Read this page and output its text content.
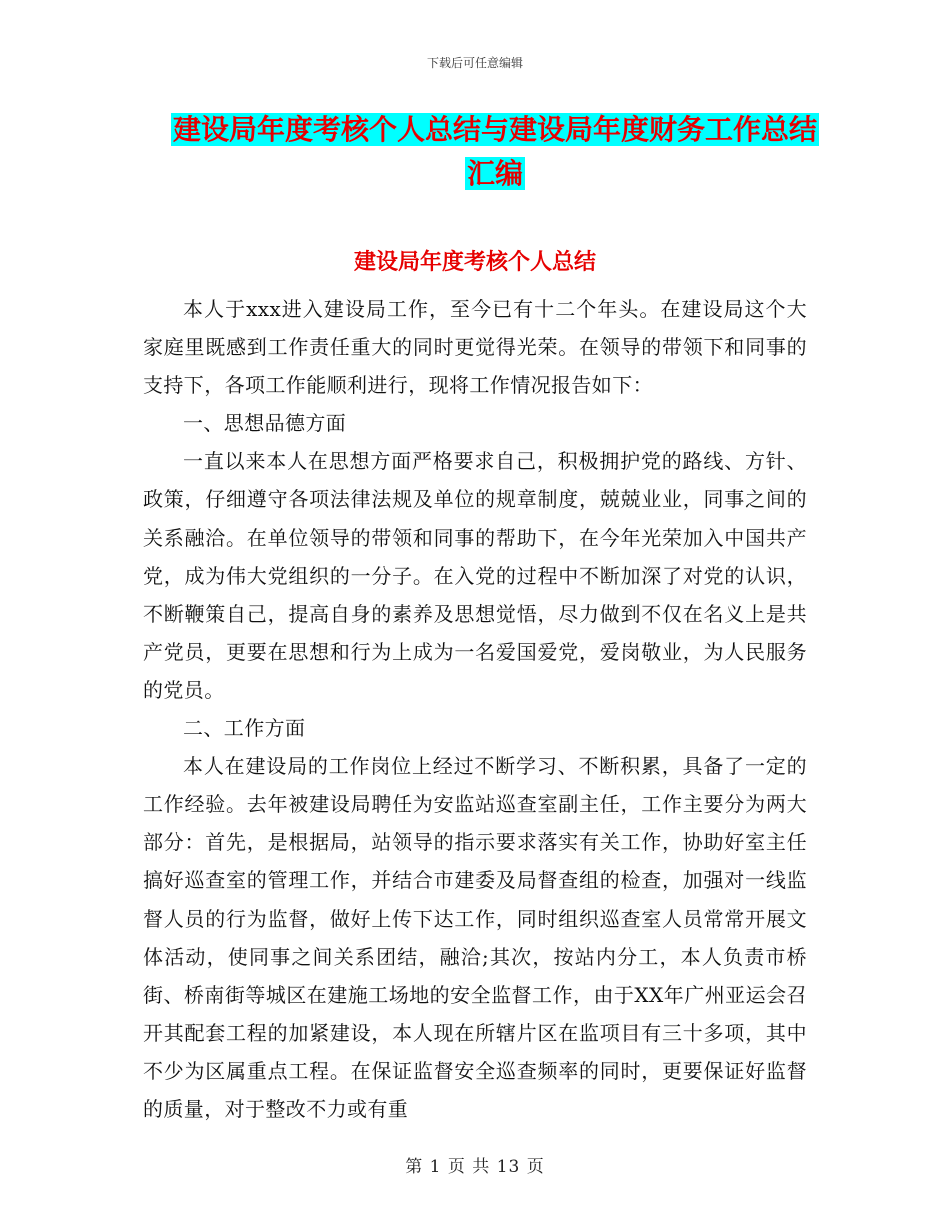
下载后可任意编辑
建设局年度考核个人总结与建设局年度财务工作总结
汇编
建设局年度考核个人总结

本人于xxx进入建设局工作，至今已有十二个年头。在建设局这个大家庭里既感到工作责任重大的同时更觉得光荣。在领导的带领下和同事的支持下，各项工作能顺利进行，现将工作情况报告如下：

一、思想品德方面

一直以来本人在思想方面严格要求自己，积极拥护党的路线、方针、政策，仔细遵守各项法律法规及单位的规章制度，兢兢业业，同事之间的关系融洽。在单位领导的带领和同事的帮助下，在今年光荣加入中国共产党，成为伟大党组织的一分子。在入党的过程中不断加深了对党的认识，不断鞭策自己，提高自身的素养及思想觉悟，尽力做到不仅在名义上是共产党员，更要在思想和行为上成为一名爱国爱党，爱岗敬业，为人民服务的党员。

二、工作方面

本人在建设局的工作岗位上经过不断学习、不断积累，具备了一定的工作经验。去年被建设局聘任为安监站巡查室副主任，工作主要分为两大部分：首先，是根据局，站领导的指示要求落实有关工作，协助好室主任搞好巡查室的管理工作，并结合市建委及局督查组的检查，加强对一线监督人员的行为监督，做好上传下达工作，同时组织巡查室人员常常开展文体活动，使同事之间关系团结，融洽;其次，按站内分工，本人负责市桥街、桥南街等城区在建施工场地的安全监督工作，由于XX年广州亚运会召开其配套工程的加紧建设，本人现在所辖片区在监项目有三十多项，其中不少为区属重点工程。在保证监督安全巡查频率的同时，更要保证好监督的质量，对于整改不力或有重

第 1 页 共 13 页
